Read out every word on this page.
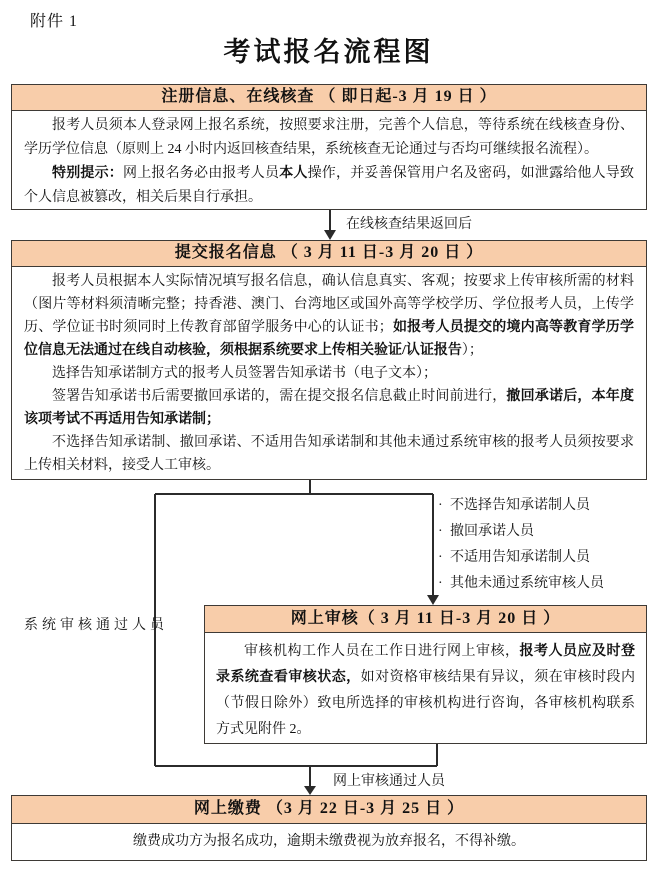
附件 1
考试报名流程图
注册信息、在线核查 （ 即日起-3 月 19 日 ）

报考人员须本人登录网上报名系统，按照要求注册，完善个人信息，等待系统在线核查身份、学历学位信息（原则上 24 小时内返回核查结果，系统核查无论通过与否均可继续报名流程）。

特别提示：网上报名务必由报考人员本人操作，并妥善保管用户名及密码，如泄露给他人导致个人信息被篡改，相关后果自行承担。

在线核查结果返回后
提交报名信息 （ 3 月 11 日-3 月 20 日 ）

报考人员根据本人实际情况填写报名信息，确认信息真实、客观；按要求上传审核所需的材料（图片等材料须清晰完整；持香港、澳门、台湾地区或国外高等学校学历、学位报考人员，上传学历、学位证书时须同时上传教育部留学服务中心的认证书；如报考人员提交的境内高等教育学历学位信息无法通过在线自动核验，须根据系统要求上传相关验证/认证报告）；

选择告知承诺制方式的报考人员签署告知承诺书（电子文本）；

签署告知承诺书后需要撤回承诺的，需在提交报名信息截止时间前进行，撤回承诺后，本年度该项考试不再适用告知承诺制；

不选择告知承诺制、撤回承诺、不适用告知承诺制和其他未通过系统审核的报考人员须按要求上传相关材料，接受人工审核。

· 不选择告知承诺制人员
· 撤回承诺人员
· 不适用告知承诺制人员
· 其他未通过系统审核人员
系统审核通过人员	网上审核（ 3 月 11 日-3 月 20 日 ）

审核机构工作人员在工作日进行网上审核，报考人员应及时登录系统查看审核状态，如对资格审核结果有异议，须在审核时段内（节假日除外）致电所选择的审核机构进行咨询，各审核机构联系方式见附件 2。

网上审核通过人员
网上缴费 （3 月 22 日-3 月 25 日 ）

缴费成功方为报名成功，逾期未缴费视为放弃报名，不得补缴。
